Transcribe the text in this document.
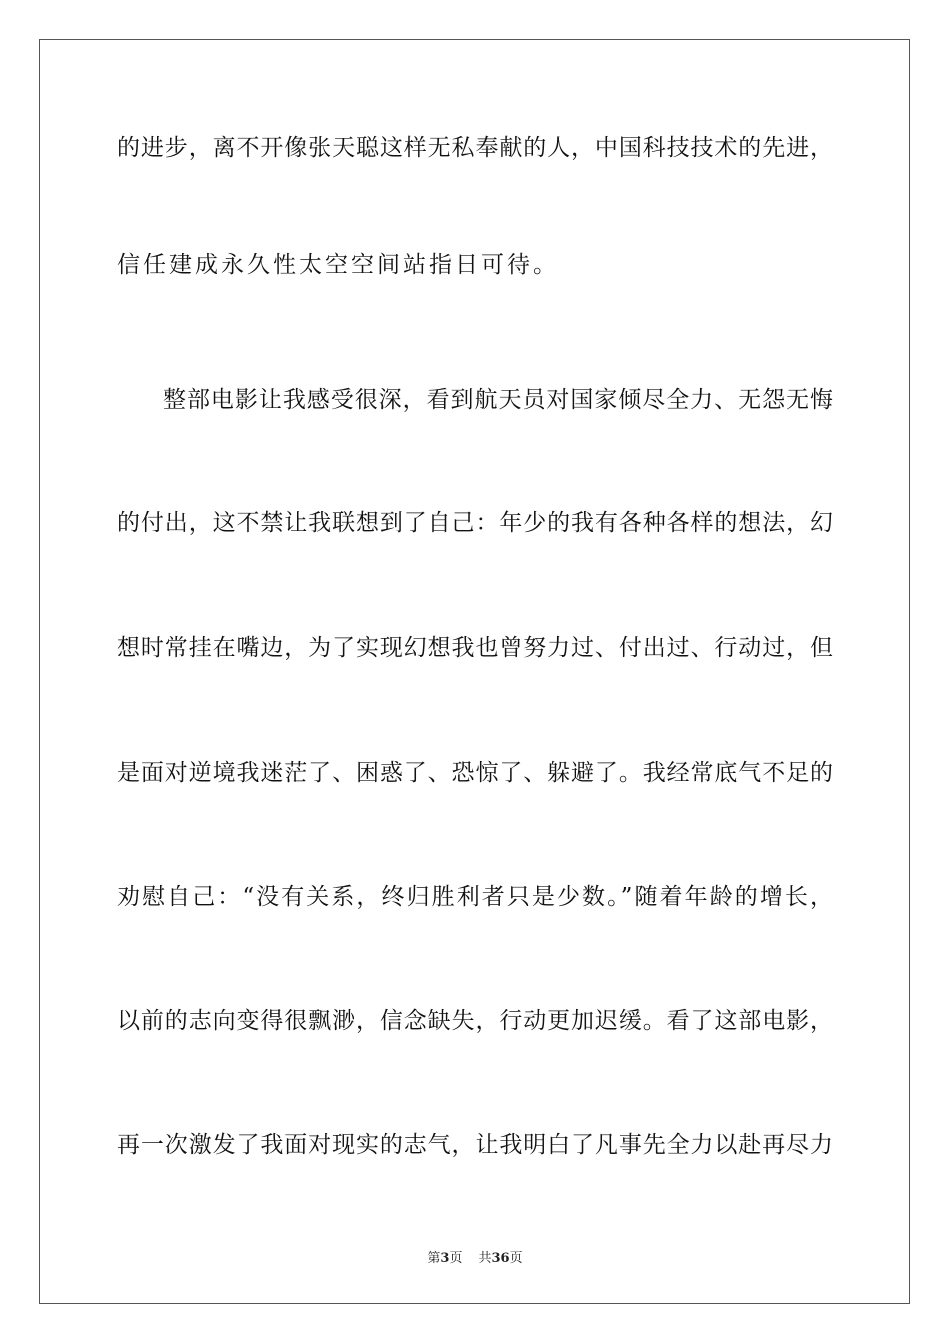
的进步，离不开像张天聪这样无私奉献的人，中国科技技术的先进，
信任建成永久性太空空间站指日可待。
整部电影让我感受很深，看到航天员对国家倾尽全力、无怨无悔
的付出，这不禁让我联想到了自己：年少的我有各种各样的想法，幻
想时常挂在嘴边，为了实现幻想我也曾努力过、付出过、行动过，但
是面对逆境我迷茫了、困惑了、恐惊了、躲避了。我经常底气不足的
劝慰自己：“没有关系，终归胜利者只是少数。”随着年龄的增长，
以前的志向变得很飘渺，信念缺失，行动更加迟缓。看了这部电影，
再一次激发了我面对现实的志气，让我明白了凡事先全力以赴再尽力
第3页 共36页
